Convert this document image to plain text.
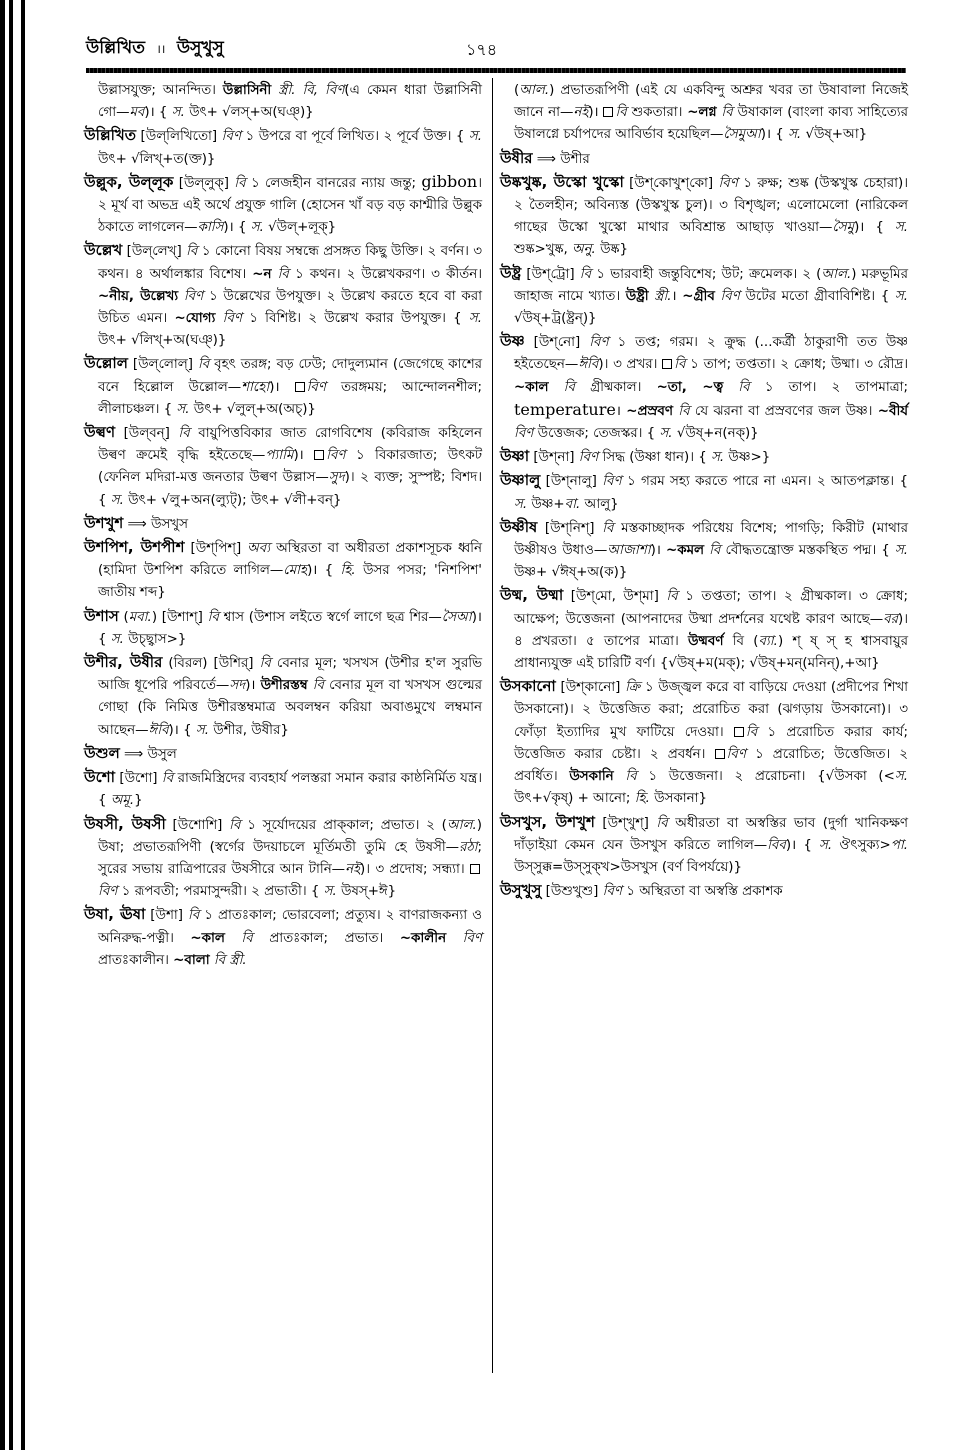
উল্লিখিত ।। উসুখুসু	১৭৪

উল্লাসযুক্ত; আনন্দিত। উল্লাসিনী স্ত্রী. বি, বিণ(এ কেমন ধারা উল্লাসিনী গো—মব)। { স. উৎ+ √লস্+অ(ঘঞ্)}

উল্লিখিত [উল্‌লিখিতো] বিণ ১ উপরে বা পূর্বে লিখিত। ২ পূর্বে উক্ত। { স. উৎ+ √লিখ্+ত(ক্ত)}

উল্লুক, উল্‌লূক [উল্‌লুক্] বি ১ লেজহীন বানরের ন্যায় জন্তু; gibbon। ২ মূর্খ বা অভদ্র এই অর্থে প্রযুক্ত গালি (হোসেন খাঁ বড় বড় কাশ্মীরি উল্লুক ঠকাতে লাগলেন—কাসি)। { স. √উল্+লূক্}

উল্লেখ [উল্‌লেখ্] বি ১ কোনো বিষয় সম্বন্ধে প্রসঙ্গত কিছু উক্তি। ২ বর্ণন। ৩ কথন। ৪ অর্থালঙ্কার বিশেষ। ~ন বি ১ কথন। ২ উল্লেখকরণ। ৩ কীর্তন। ~নীয়, উল্লেখ্য বিণ ১ উল্লেখের উপযুক্ত। ২ উল্লেখ করতে হবে বা করা উচিত এমন। ~যোগ্য বিণ ১ বিশিষ্ট। ২ উল্লেখ করার উপযুক্ত। { স. উৎ+ √লিখ্+অ(ঘঞ্)}

উল্লোল [উল্‌লোল্] বি বৃহৎ তরঙ্গ; বড় ঢেউ; দোদুল্যমান (জেগেছে কাশের বনে হিল্লোল উল্লোল—শাহো)। বিণ তরঙ্গময়; আন্দোলনশীল; লীলাচঞ্চল। { স. উৎ+ √লুল্+অ(অচ্)}

উল্বণ [উল্‌বন্] বি বায়ুপিত্তবিকার জাত রোগবিশেষ (কবিরাজ কহিলেন উল্বণ ক্রমেই বৃদ্ধি হইতেছে—প্যামি)। বিণ ১ বিকারজাত; উৎকট (ফেনিল মদিরা-মত্ত জনতার উল্বণ উল্লাস—সুদ)। ২ ব্যক্ত; সুস্পষ্ট; বিশদ। { স. উৎ+ √লু+অন(ল্যুট্); উৎ+ √লী+বন্}

উশখুশ ⟹ উসখুস

উশপিশ, উশপীশ [উশ্‌পিশ্] অব্য অস্থিরতা বা অধীরতা প্রকাশসূচক ধ্বনি (হামিদা উশপিশ করিতে লাগিল—মোহ)। { হি. উসর পসর; 'নিশপিশ' জাতীয় শব্দ}

উশাস (মবা.) [উশাশ্] বি শ্বাস (উশাস লইতে স্বর্গে লাগে ছত্র শির—সৈআ)। { স. উচ্ছ্বাস>}

উশীর, উষীর (বিরল) [উশির্] বি বেনার মূল; খসখস (উশীর হ'ল সুরভি আজি ধূপেরি পরিবর্তে—সদ)। উশীরস্তম্ব বি বেনার মূল বা খসখস গুল্মের গোছা (কি নিমিত্ত উশীরস্তম্বমাত্র অবলম্বন করিয়া অবাঙমুখে লম্বমান আছেন—ঈবি)। { স. উশীর, উষীর}

উশুল ⟹ উসুল

উশো [উশো] বি রাজমিস্ত্রিদের ব্যবহার্য পলস্তরা সমান করার কাষ্ঠনির্মিত যন্ত্র। { অমূ.}

উষসী, উষসী [উশোশি] বি ১ সূর্যোদয়ের প্রাক্‌কাল; প্রভাত। ২ (আল.) উষা; প্রভাতরূপিণী (স্বর্গের উদয়াচলে মূর্তিমতী তুমি হে উষসী—রঠা; সুরের সভায় রাত্রিপারের উষসীরে আন টানি—নই)। ৩ প্রদোষ; সন্ধ্যা। বিণ ১ রূপবতী; পরমাসুন্দরী। ২ প্রভাতী। { স. উষস্+ঈ}

উষা, ঊষা [উশা] বি ১ প্রাতঃকাল; ভোরবেলা; প্রত্যুষ। ২ বাণরাজকন্যা ও অনিরুদ্ধ-পত্নী। ~কাল বি প্রাতঃকাল; প্রভাত। ~কালীন বিণ প্রাতঃকালীন। ~বালা বি স্ত্রী.

(আল.) প্রভাতরূপিণী (এই যে একবিন্দু অশ্রুর খবর তা উষাবালা নিজেই জানে না—নই)। বি শুকতারা। ~লগ্ন বি উষাকাল (বাংলা কাব্য সাহিত্যের উষালগ্নে চর্যাপদের আবির্ভাব হয়েছিল—সৈমুআ)। { স. √উষ্+আ}

উষীর ⟹ উশীর

উষ্কখুষ্ক, উস্কো খুস্কো [উশ্‌কোখুশ্‌কো] বিণ ১ রুক্ষ; শুষ্ক (উস্কখুস্ক চেহারা)। ২ তৈলহীন; অবিন্যস্ত (উস্কখুস্ক চুল)। ৩ বিশৃঙ্খল; এলোমেলো (নারিকেল গাছের উস্কো খুস্কো মাথার অবিশ্রান্ত আছাড় খাওয়া—সৈমু)। { স. শুষ্ক>খুষ্ক, অনু. উষ্ক}

উষ্ট্র [উশ্‌ট্রো] বি ১ ভারবাহী জন্তুবিশেষ; উট; ক্রমেলক। ২ (আল.) মরুভূমির জাহাজ নামে খ্যাত। উষ্ট্রী স্ত্রী.। ~গ্রীব বিণ উটের মতো গ্রীবাবিশিষ্ট। { স. √উষ্+ট্র(ষ্ট্রন্)}

উষ্ণ [উশ্‌নো] বিণ ১ তপ্ত; গরম। ২ ক্রুদ্ধ (...কর্ত্রী ঠাকুরাণী তত উষ্ণ হইতেছেন—ঈবি)। ৩ প্রখর। বি ১ তাপ; তপ্ততা। ২ ক্রোধ; উষ্মা। ৩ রৌদ্র। ~কাল বি গ্রীষ্মকাল। ~তা, ~ত্ব বি ১ তাপ। ২ তাপমাত্রা; temperature। ~প্রস্রবণ বি যে ঝরনা বা প্রস্রবণের জল উষ্ণ। ~বীর্য বিণ উত্তেজক; তেজস্কর। { স. √উষ্+ন(নক্)}

উষ্ণা [উশ্‌না] বিণ সিদ্ধ (উষ্ণা ধান)। { স. উষ্ণ>}

উষ্ণালু [উশ্‌নালু] বিণ ১ গরম সহ্য করতে পারে না এমন। ২ আতপক্লান্ত। { স. উষ্ণ+বা. আলু}

উষ্ণীষ [উশ্‌নিশ্] বি মস্তকাচ্ছাদক পরিধেয় বিশেষ; পাগড়ি; কিরীট (মাথার উষ্ণীষও উধাও—আজাশা)। ~কমল বি বৌদ্ধতন্ত্রোক্ত মস্তকস্থিত পদ্ম। { স. উষ্ণ+ √ঈষ্+অ(ক)}

উষ্ম, উষ্মা [উশ্‌মো, উশ্‌মা] বি ১ তপ্ততা; তাপ। ২ গ্রীষ্মকাল। ৩ ক্রোধ; আক্ষেপ; উত্তেজনা (আপনাদের উষ্মা প্রদর্শনের যথেষ্ট কারণ আছে—বর)। ৪ প্রখরতা। ৫ তাপের মাত্রা। উষ্মবর্ণ বি (ব্যা.) শ্ ষ্ স্ হ শ্বাসবায়ুর প্রাধান্যযুক্ত এই চারিটি বর্ণ। {√উষ্+ম(মক্); √উষ্+মন্(মনিন্),+আ}

উসকানো [উশ্‌কানো] ক্রি ১ উজ্জ্বল করে বা বাড়িয়ে দেওয়া (প্রদীপের শিখা উসকানো)। ২ উত্তেজিত করা; প্ররোচিত করা (ঝগড়ায় উসকানো)। ৩ ফোঁড়া ইত্যাদির মুখ ফাটিয়ে দেওয়া। বি ১ প্ররোচিত করার কার্য; উত্তেজিত করার চেষ্টা। ২ প্রবর্ধন। বিণ ১ প্ররোচিত; উত্তেজিত। ২ প্রবর্ধিত। উসকানি বি ১ উত্তেজনা। ২ প্ররোচনা। {√উসকা (<স. উৎ+√কৃষ্) + আনো; হি. উসকানা}

উসখুস, উশখুশ [উশ্‌খুশ্] বি অধীরতা বা অস্বস্তির ভাব (দুর্গা খানিকক্ষণ দাঁড়াইয়া কেমন যেন উসখুস করিতে লাগিল—বিব)। { স. ঔৎসুক্য>পা. উস্‌সুক্ক=উস্‌সুক্খ>উসখুস (বর্ণ বিপর্যয়ে)}

উসুখুসু [উশুখুশু] বিণ ১ অস্থিরতা বা অস্বস্তি প্রকাশক
